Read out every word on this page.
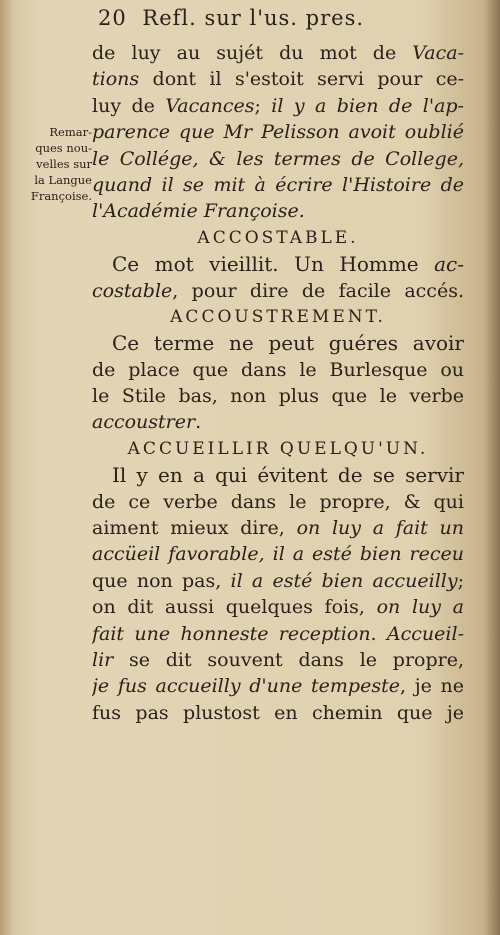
20 Refl. sur l'us. pres.
Remar-
ques nou-
velles sur
la Langue
Françoise.
de luy au sujét du mot de Vaca-
tions dont il s'estoit servi pour ce-
luy de Vacances; il y a bien de l'ap-
parence que Mr Pelisson avoit oublié
le Collége, & les termes de College,
quand il se mit à écrire l'Histoire de
l'Académie Françoise.
ACCOSTABLE.
Ce mot vieillit. Un Homme ac-
costable, pour dire de facile accés.
ACCOUSTREMENT.
Ce terme ne peut guéres avoir
de place que dans le Burlesque ou
le Stile bas, non plus que le verbe
accoustrer.
ACCUEILLIR QUELQU'UN.
Il y en a qui évitent de se servir
de ce verbe dans le propre, & qui
aiment mieux dire, on luy a fait un
accüeil favorable, il a esté bien receu
que non pas, il a esté bien accueilly;
on dit aussi quelques fois, on luy a
fait une honneste reception. Accueil-
lir se dit souvent dans le propre,
je fus accueilly d'une tempeste, je ne
fus pas plustost en chemin que je
